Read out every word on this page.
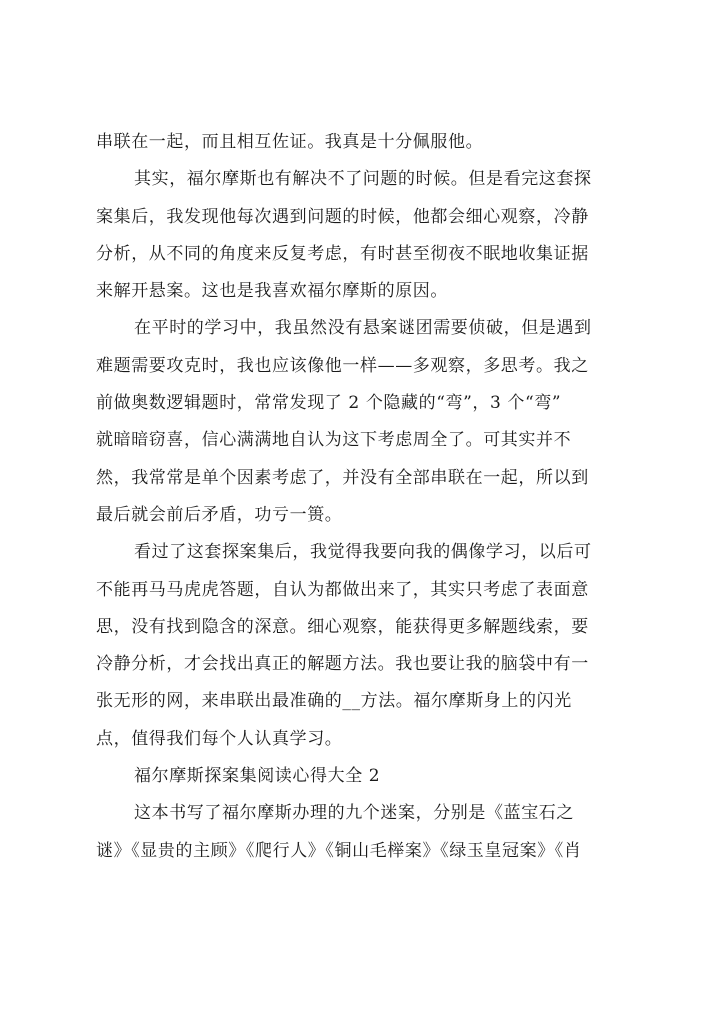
串联在一起，而且相互佐证。我真是十分佩服他。
其实，福尔摩斯也有解决不了问题的时候。但是看完这套探
案集后，我发现他每次遇到问题的时候，他都会细心观察，冷静
分析，从不同的角度来反复考虑，有时甚至彻夜不眠地收集证据
来解开悬案。这也是我喜欢福尔摩斯的原因。
在平时的学习中，我虽然没有悬案谜团需要侦破，但是遇到
难题需要攻克时，我也应该像他一样——多观察，多思考。我之
前做奥数逻辑题时，常常发现了 2 个隐藏的“弯”，3 个“弯”
就暗暗窃喜，信心满满地自认为这下考虑周全了。可其实并不
然，我常常是单个因素考虑了，并没有全部串联在一起，所以到
最后就会前后矛盾，功亏一篑。
看过了这套探案集后，我觉得我要向我的偶像学习，以后可
不能再马马虎虎答题，自认为都做出来了，其实只考虑了表面意
思，没有找到隐含的深意。细心观察，能获得更多解题线索，要
冷静分析，才会找出真正的解题方法。我也要让我的脑袋中有一
张无形的网，来串联出最准确的__方法。福尔摩斯身上的闪光
点，值得我们每个人认真学习。
福尔摩斯探案集阅读心得大全 2
这本书写了福尔摩斯办理的九个迷案，分别是《蓝宝石之
谜》《显贵的主顾》《爬行人》《铜山毛榉案》《绿玉皇冠案》《肖
